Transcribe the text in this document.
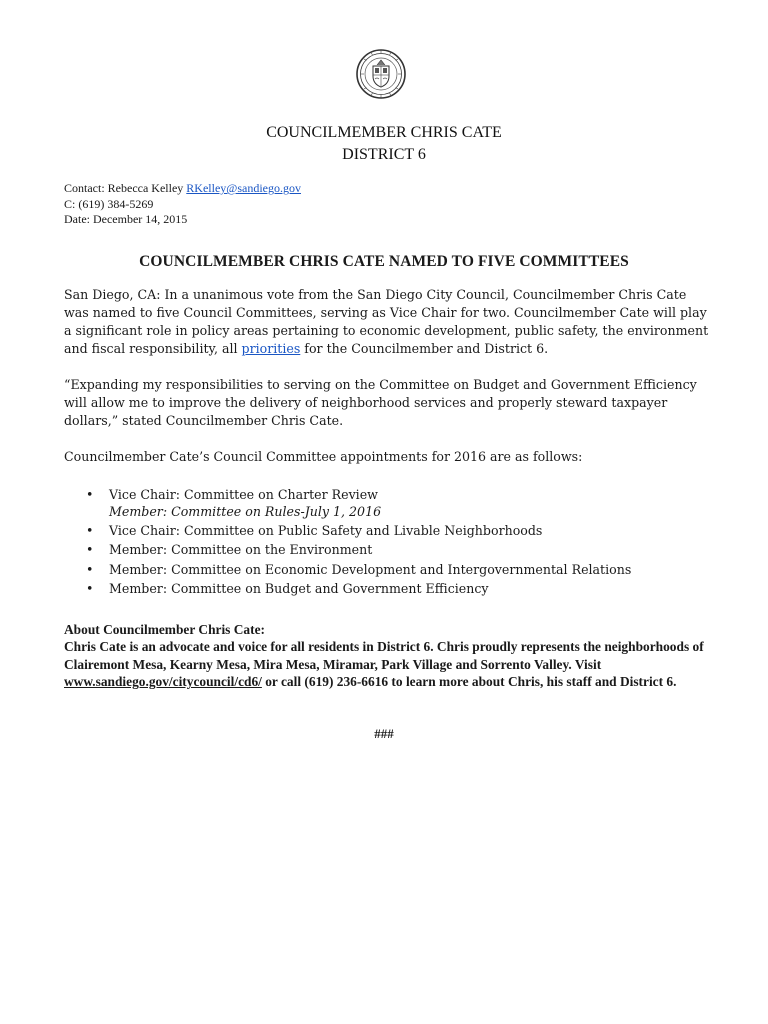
COUNCILMEMBER CHRIS CATE
DISTRICT 6
Contact: Rebecca Kelley RKelley@sandiego.gov
C: (619) 384-5269
Date: December 14, 2015
COUNCILMEMBER CHRIS CATE NAMED TO FIVE COMMITTEES
San Diego, CA: In a unanimous vote from the San Diego City Council, Councilmember Chris Cate was named to five Council Committees, serving as Vice Chair for two. Councilmember Cate will play a significant role in policy areas pertaining to economic development, public safety, the environment and fiscal responsibility, all priorities for the Councilmember and District 6.
“Expanding my responsibilities to serving on the Committee on Budget and Government Efficiency will allow me to improve the delivery of neighborhood services and properly steward taxpayer dollars,” stated Councilmember Chris Cate.
Councilmember Cate’s Council Committee appointments for 2016 are as follows:
• Vice Chair: Committee on Charter Review
Member: Committee on Rules-July 1, 2016
• Vice Chair: Committee on Public Safety and Livable Neighborhoods
• Member: Committee on the Environment
• Member: Committee on Economic Development and Intergovernmental Relations
• Member: Committee on Budget and Government Efficiency
About Councilmember Chris Cate:
Chris Cate is an advocate and voice for all residents in District 6. Chris proudly represents the neighborhoods of Clairemont Mesa, Kearny Mesa, Mira Mesa, Miramar, Park Village and Sorrento Valley. Visit www.sandiego.gov/citycouncil/cd6/ or call (619) 236-6616 to learn more about Chris, his staff and District 6.
###
